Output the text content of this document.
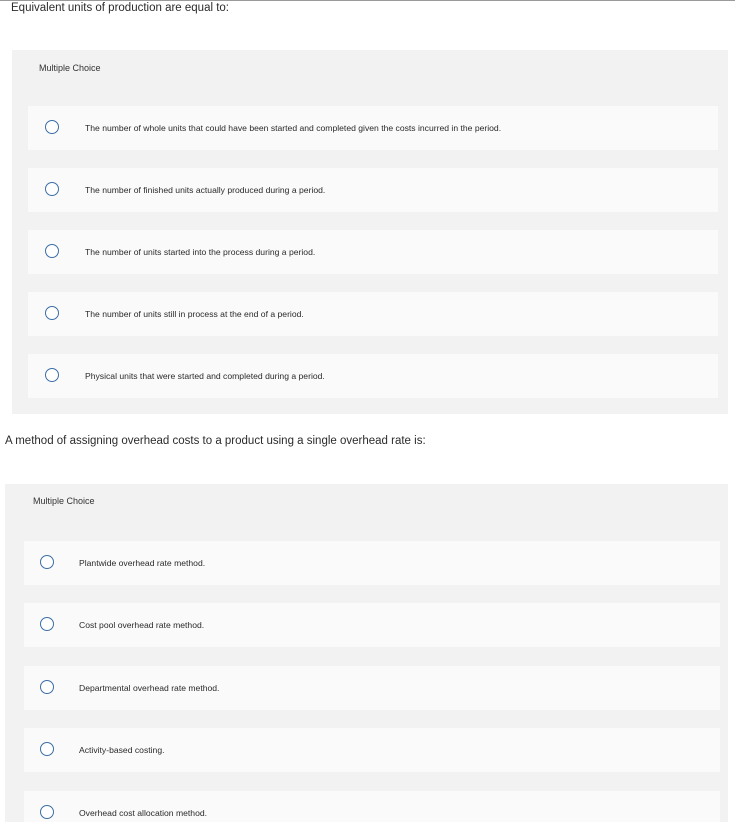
Equivalent units of production are equal to:
Multiple Choice
The number of whole units that could have been started and completed given the costs incurred in the period.
The number of finished units actually produced during a period.
The number of units started into the process during a period.
The number of units still in process at the end of a period.
Physical units that were started and completed during a period.
A method of assigning overhead costs to a product using a single overhead rate is:
Multiple Choice
Plantwide overhead rate method.
Cost pool overhead rate method.
Departmental overhead rate method.
Activity-based costing.
Overhead cost allocation method.
